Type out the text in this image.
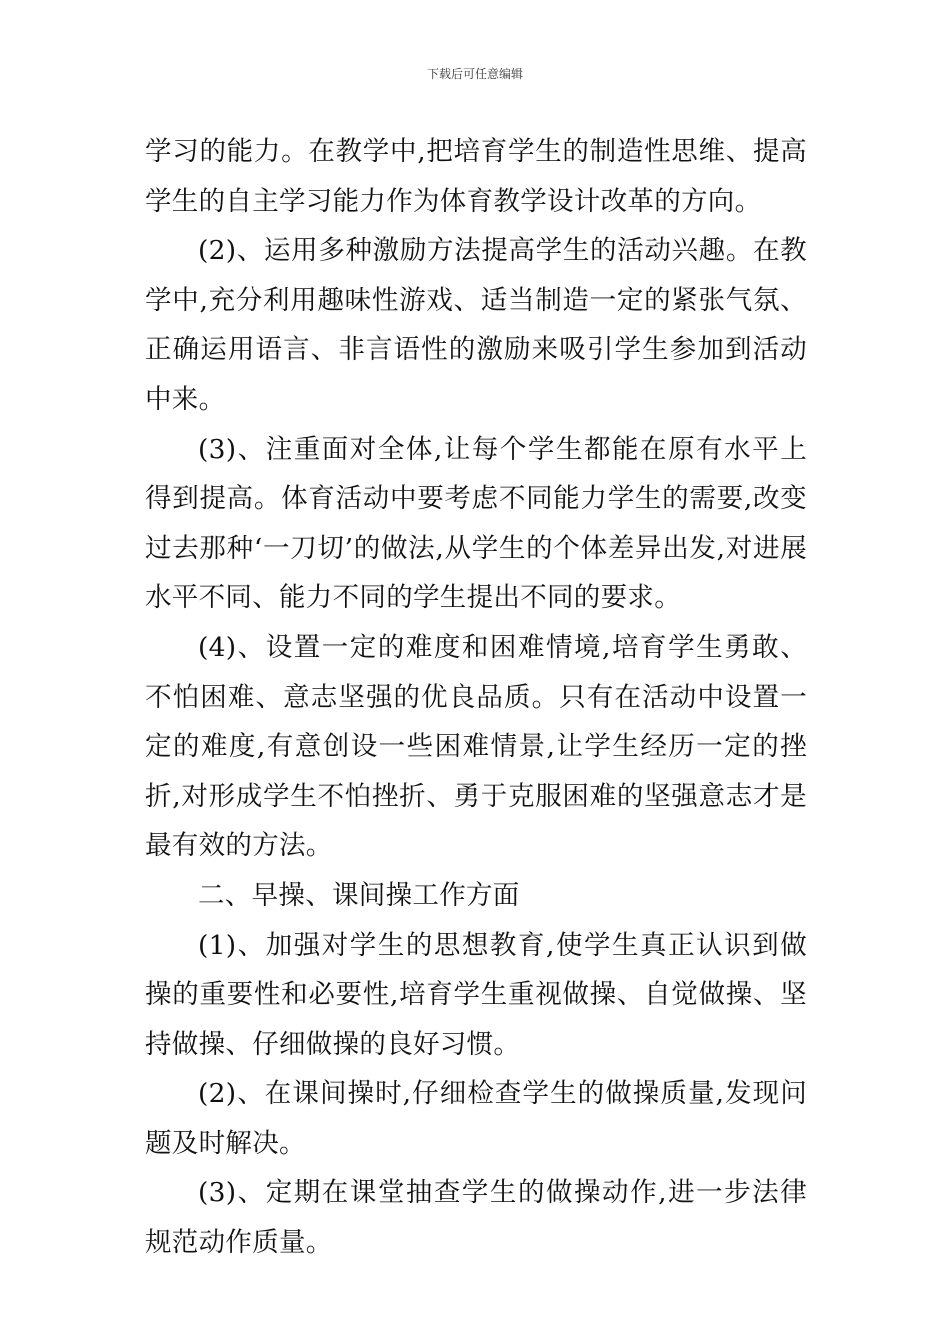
下载后可任意编辑

学习的能力。在教学中,把培育学生的制造性思维、提高学生的自主学习能力作为体育教学设计改革的方向。

(2)、运用多种激励方法提高学生的活动兴趣。在教学中,充分利用趣味性游戏、适当制造一定的紧张气氛、正确运用语言、非言语性的激励来吸引学生参加到活动中来。

(3)、注重面对全体,让每个学生都能在原有水平上得到提高。体育活动中要考虑不同能力学生的需要,改变过去那种‘一刀切’的做法,从学生的个体差异出发,对进展水平不同、能力不同的学生提出不同的要求。

(4)、设置一定的难度和困难情境,培育学生勇敢、不怕困难、意志坚强的优良品质。只有在活动中设置一定的难度,有意创设一些困难情景,让学生经历一定的挫折,对形成学生不怕挫折、勇于克服困难的坚强意志才是最有效的方法。

二、早操、课间操工作方面

(1)、加强对学生的思想教育,使学生真正认识到做操的重要性和必要性,培育学生重视做操、自觉做操、坚持做操、仔细做操的良好习惯。

(2)、在课间操时,仔细检查学生的做操质量,发现问题及时解决。

(3)、定期在课堂抽查学生的做操动作,进一步法律规范动作质量。
